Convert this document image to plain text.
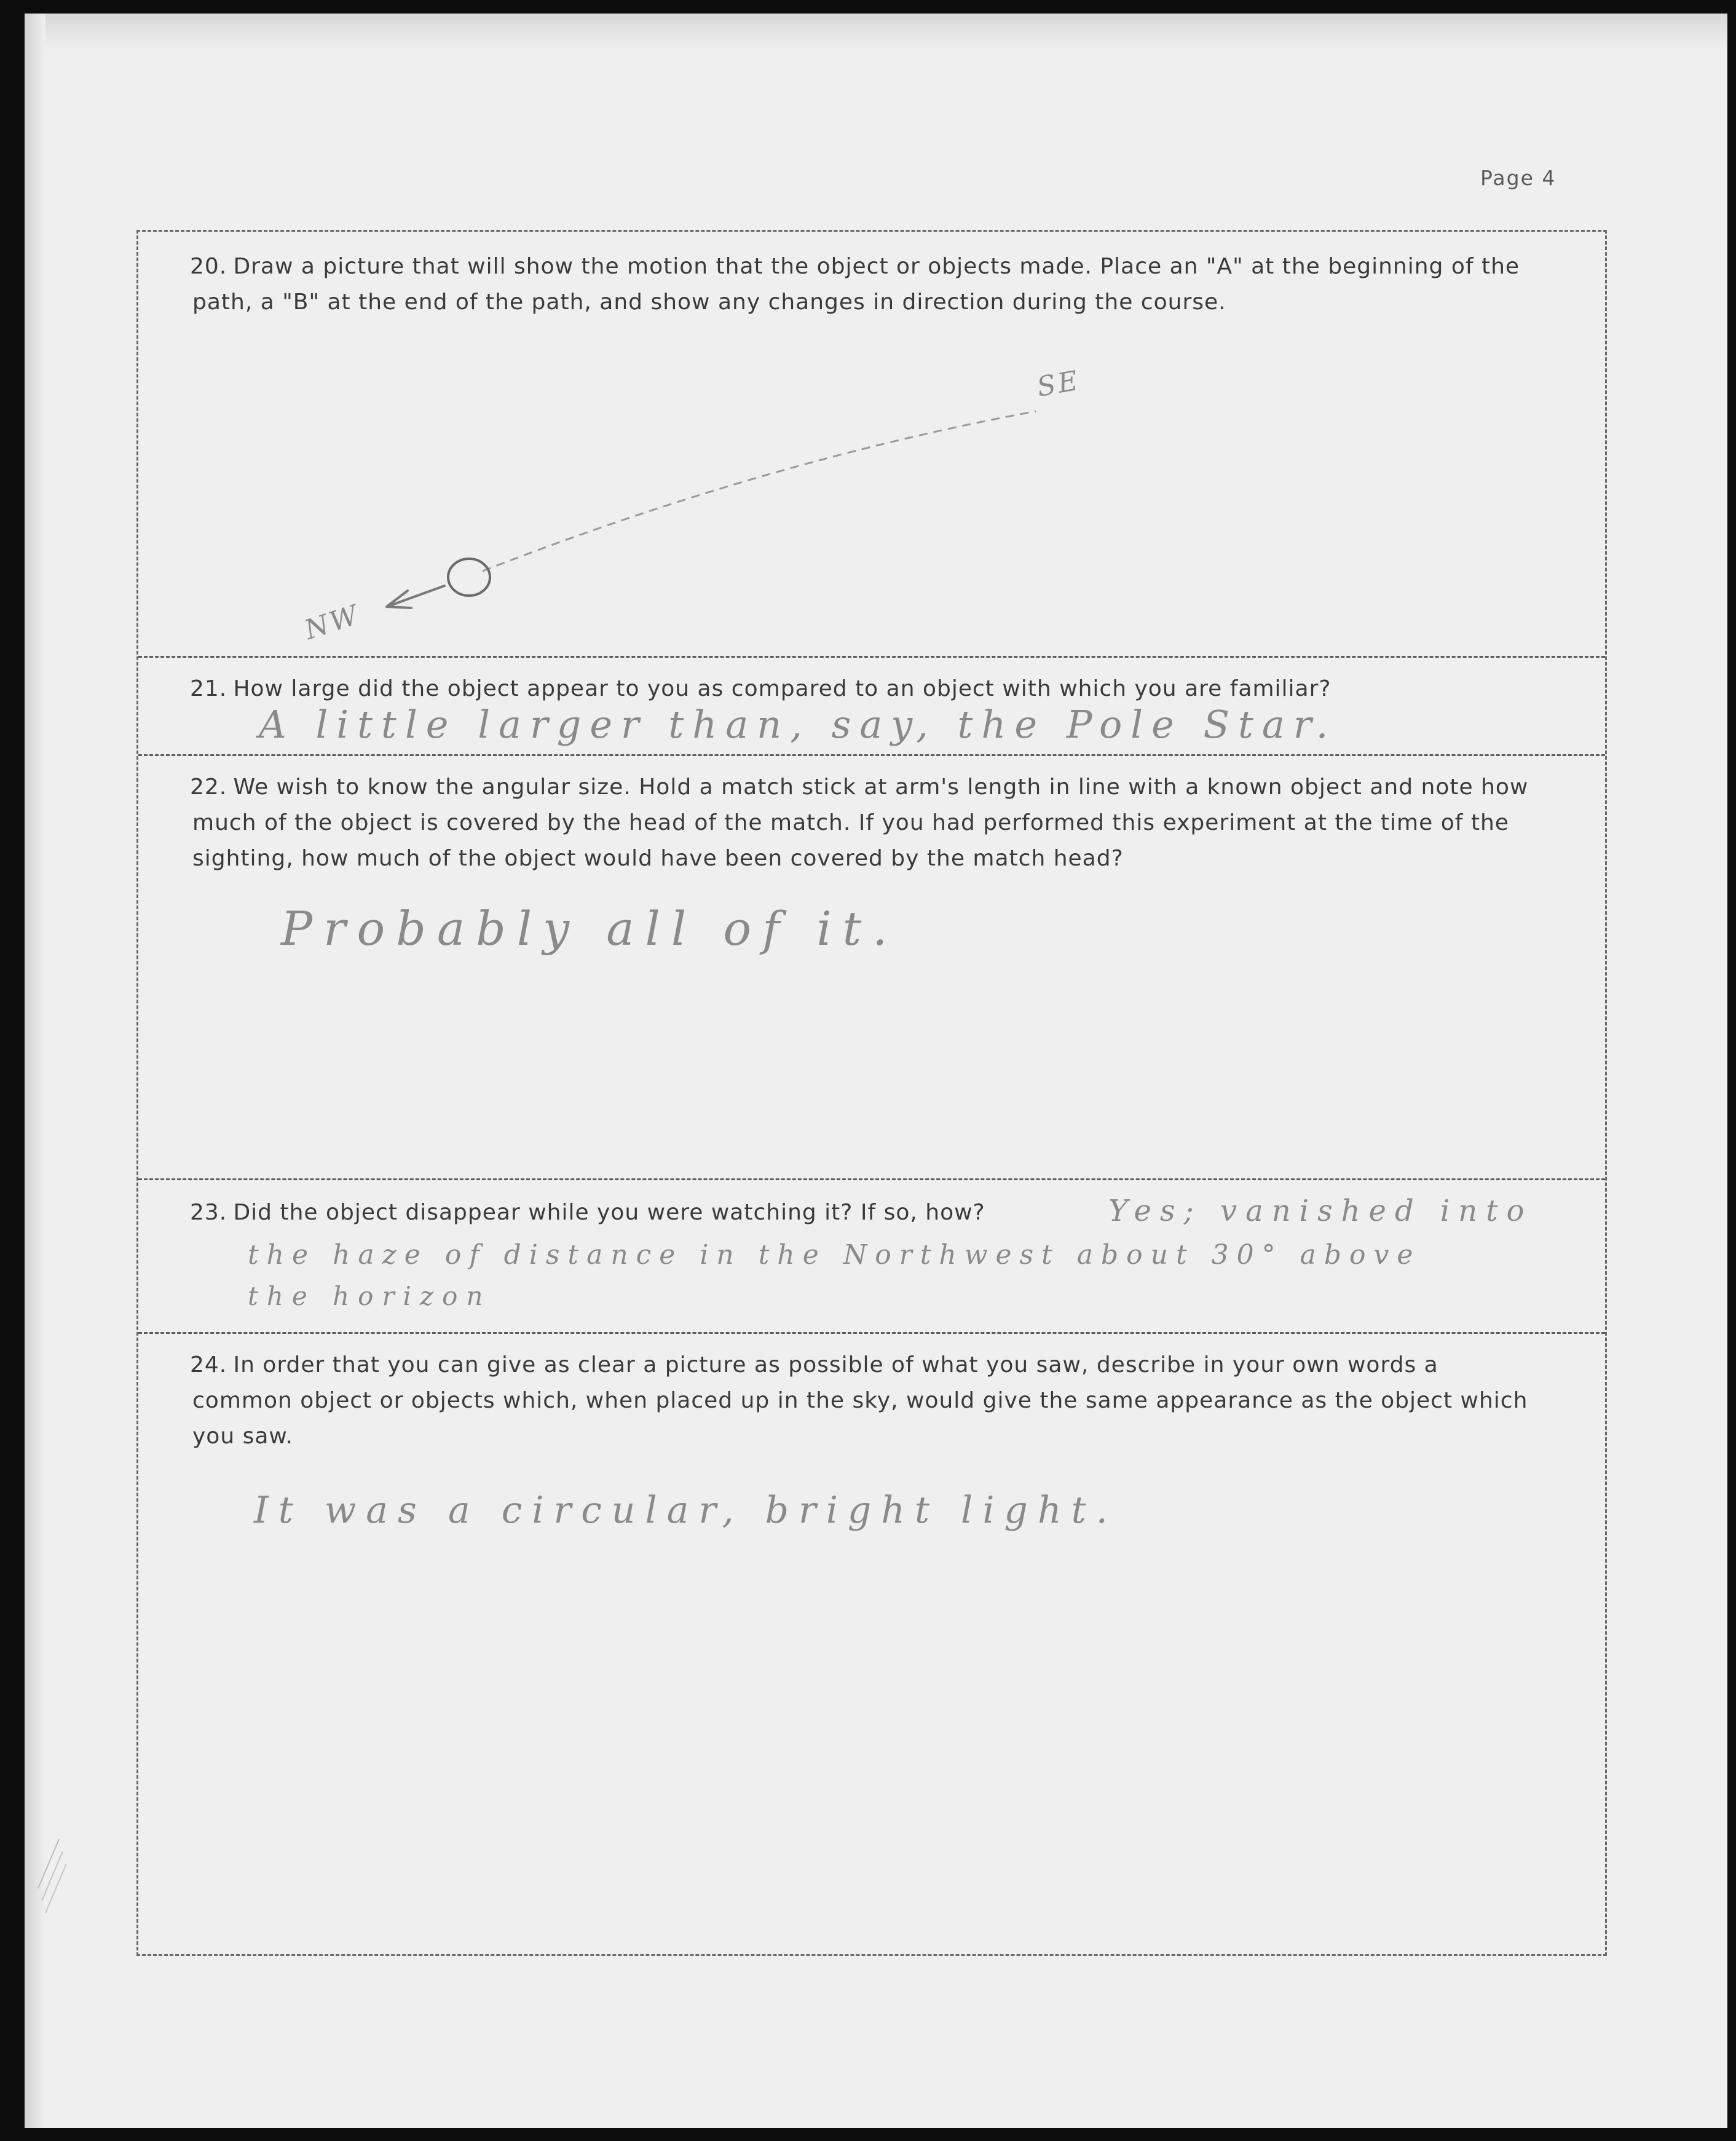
Page 4
20. Draw a picture that will show the motion that the object or objects made. Place an "A" at the beginning of the path, a "B" at the end of the path, and show any changes in direction during the course.
NW
SE
21. How large did the object appear to you as compared to an object with which you are familiar?
A little larger than, say, the Pole Star.
22. We wish to know the angular size. Hold a match stick at arm's length in line with a known object and note how much of the object is covered by the head of the match. If you had performed this experiment at the time of the sighting, how much of the object would have been covered by the match head?
Probably all of it.
23. Did the object disappear while you were watching it? If so, how?	Yes; vanished into
the haze of distance in the Northwest about 30° above
the horizon
24. In order that you can give as clear a picture as possible of what you saw, describe in your own words a common object or objects which, when placed up in the sky, would give the same appearance as the object which you saw.
It was a circular, bright light.
